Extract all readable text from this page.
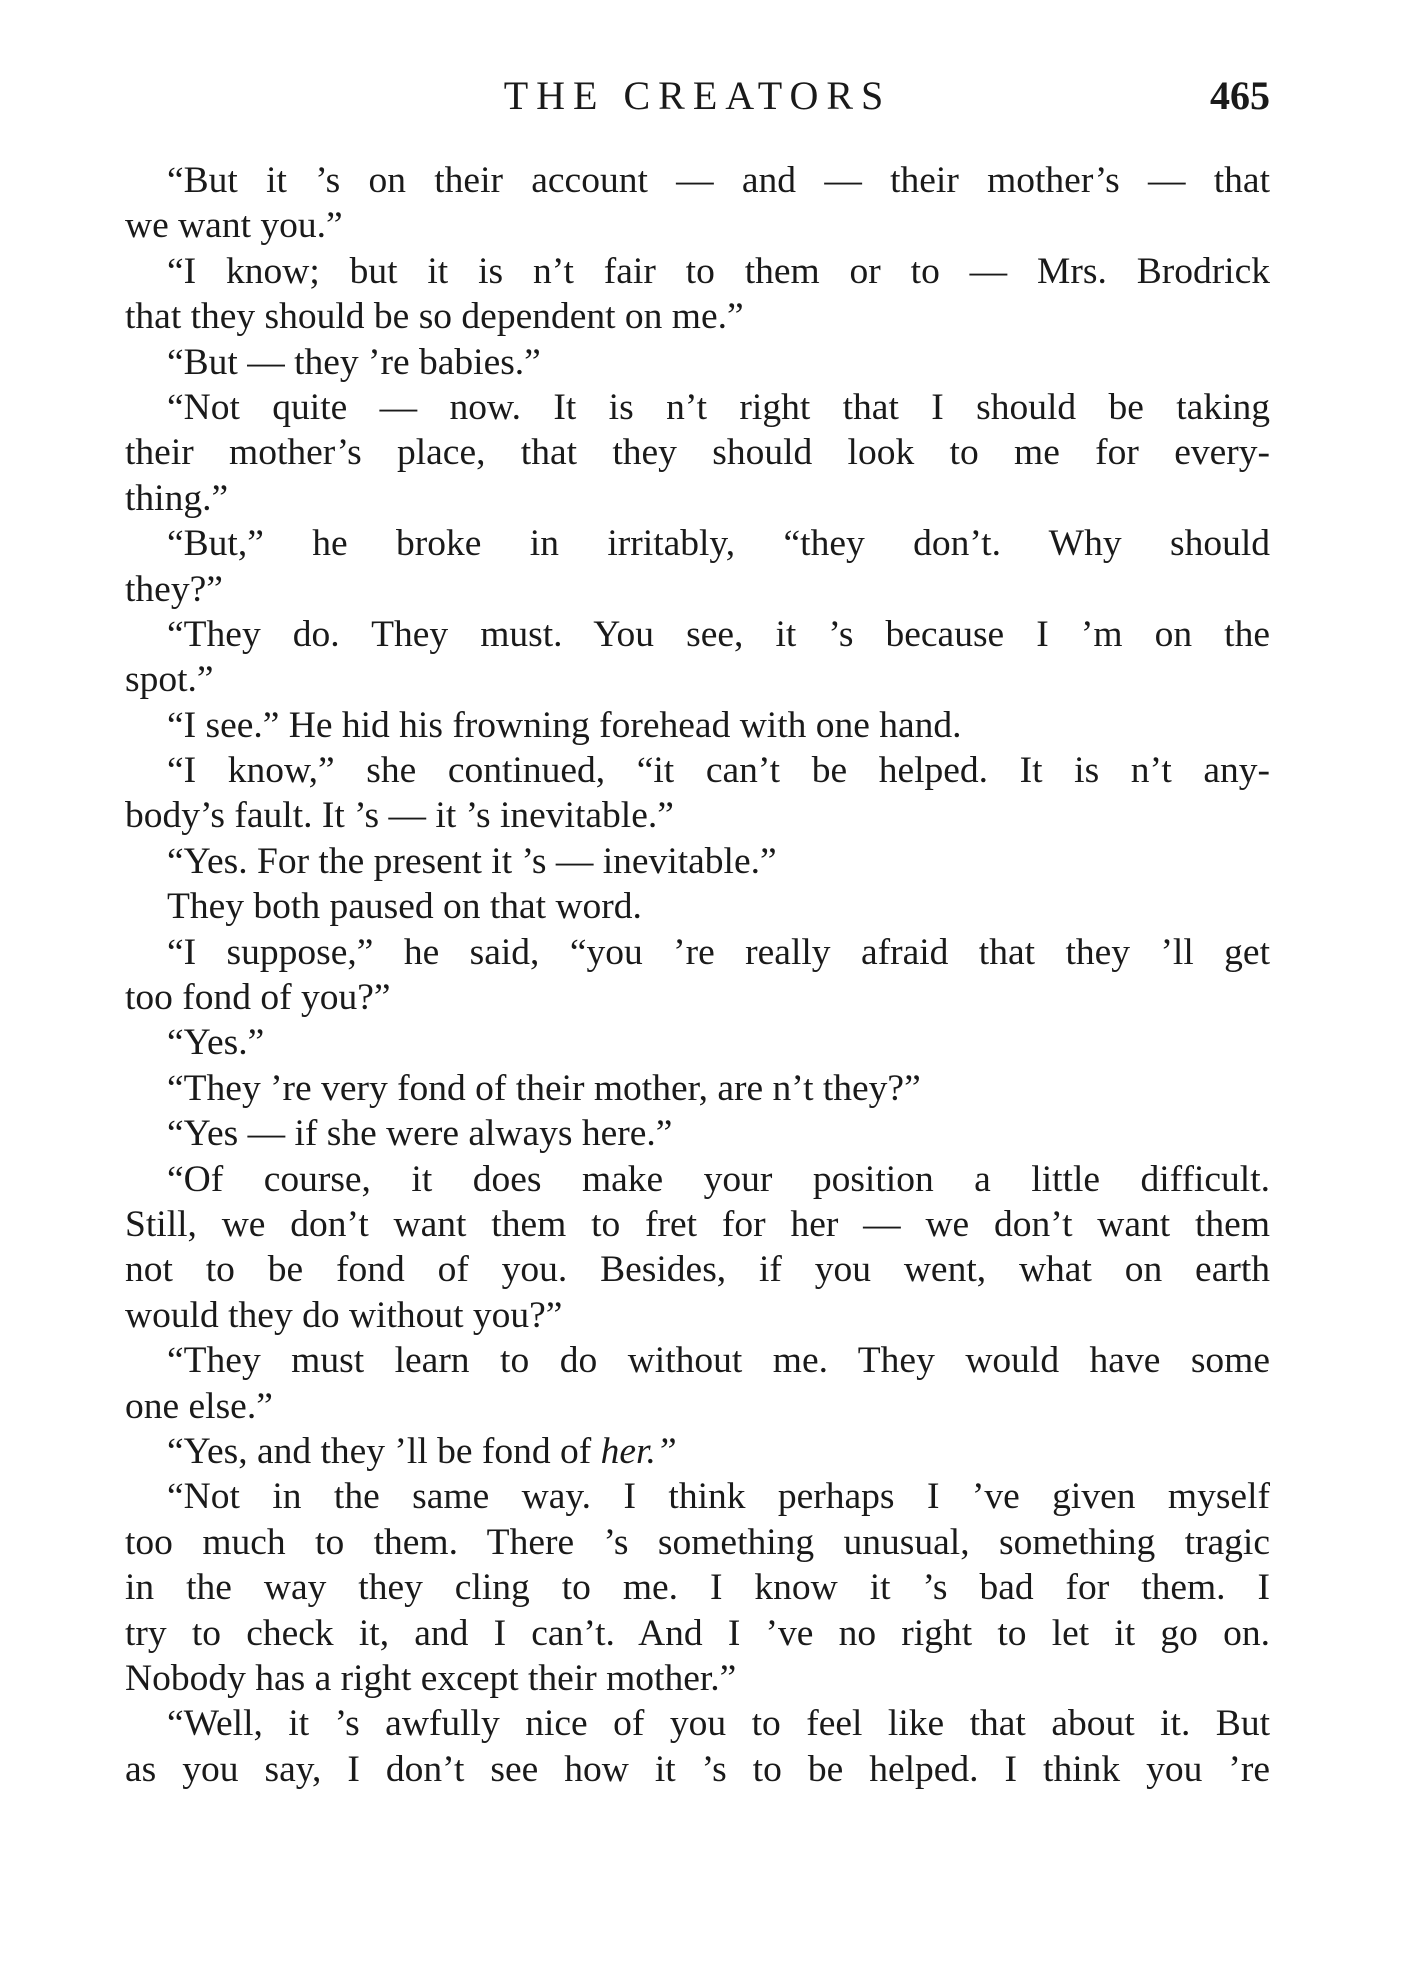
THE CREATORS	465
“But it ’s on their account — and — their mother’s — that
we want you.”
“I know; but it is n’t fair to them or to — Mrs. Brodrick
that they should be so dependent on me.”
“But — they ’re babies.”
“Not quite — now. It is n’t right that I should be taking
their mother’s place, that they should look to me for every-
thing.”
“But,” he broke in irritably, “they don’t. Why should
they?”
“They do. They must. You see, it ’s because I ’m on the
spot.”
“I see.” He hid his frowning forehead with one hand.
“I know,” she continued, “it can’t be helped. It is n’t any-
body’s fault. It ’s — it ’s inevitable.”
“Yes. For the present it ’s — inevitable.”
They both paused on that word.
“I suppose,” he said, “you ’re really afraid that they ’ll get
too fond of you?”
“Yes.”
“They ’re very fond of their mother, are n’t they?”
“Yes — if she were always here.”
“Of course, it does make your position a little difficult.
Still, we don’t want them to fret for her — we don’t want them
not to be fond of you. Besides, if you went, what on earth
would they do without you?”
“They must learn to do without me. They would have some
one else.”
“Yes, and they ’ll be fond of her.”
“Not in the same way. I think perhaps I ’ve given myself
too much to them. There ’s something unusual, something tragic
in the way they cling to me. I know it ’s bad for them. I
try to check it, and I can’t. And I ’ve no right to let it go on.
Nobody has a right except their mother.”
“Well, it ’s awfully nice of you to feel like that about it. But
as you say, I don’t see how it ’s to be helped. I think you ’re
